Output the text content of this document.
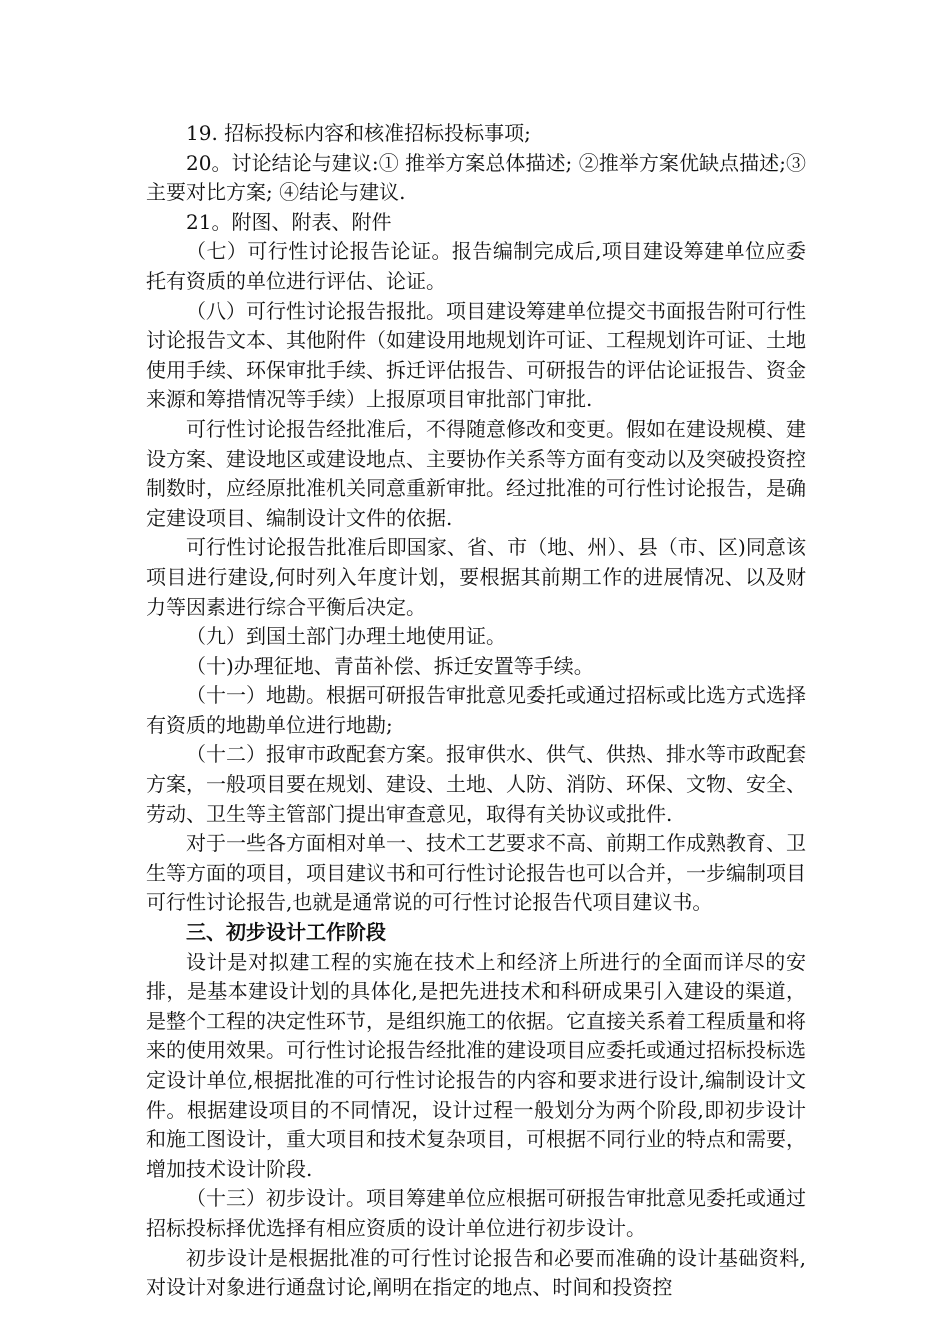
19. 招标投标内容和核准招标投标事项;

20。讨论结论与建议:① 推举方案总体描述; ②推举方案优缺点描述;③ 主要对比方案; ④结论与建议.

21。附图、附表、附件

（七）可行性讨论报告论证。报告编制完成后,项目建设筹建单位应委托有资质的单位进行评估、论证。

（八）可行性讨论报告报批。项目建设筹建单位提交书面报告附可行性讨论报告文本、其他附件（如建设用地规划许可证、工程规划许可证、土地使用手续、环保审批手续、拆迁评估报告、可研报告的评估论证报告、资金来源和筹措情况等手续）上报原项目审批部门审批.

可行性讨论报告经批准后，不得随意修改和变更。假如在建设规模、建设方案、建设地区或建设地点、主要协作关系等方面有变动以及突破投资控制数时，应经原批准机关同意重新审批。经过批准的可行性讨论报告，是确定建设项目、编制设计文件的依据.

可行性讨论报告批准后即国家、省、市（地、州）、县（市、区)同意该项目进行建设,何时列入年度计划，要根据其前期工作的进展情况、以及财力等因素进行综合平衡后决定。

（九）到国土部门办理土地使用证。

（十)办理征地、青苗补偿、拆迁安置等手续。

（十一）地勘。根据可研报告审批意见委托或通过招标或比选方式选择有资质的地勘单位进行地勘;

（十二）报审市政配套方案。报审供水、供气、供热、排水等市政配套方案，一般项目要在规划、建设、土地、人防、消防、环保、文物、安全、劳动、卫生等主管部门提出审查意见，取得有关协议或批件.

对于一些各方面相对单一、技术工艺要求不高、前期工作成熟教育、卫生等方面的项目，项目建议书和可行性讨论报告也可以合并，一步编制项目可行性讨论报告,也就是通常说的可行性讨论报告代项目建议书。

三、初步设计工作阶段

设计是对拟建工程的实施在技术上和经济上所进行的全面而详尽的安排，是基本建设计划的具体化,是把先进技术和科研成果引入建设的渠道，是整个工程的决定性环节，是组织施工的依据。它直接关系着工程质量和将来的使用效果。可行性讨论报告经批准的建设项目应委托或通过招标投标选定设计单位,根据批准的可行性讨论报告的内容和要求进行设计,编制设计文件。根据建设项目的不同情况，设计过程一般划分为两个阶段,即初步设计和施工图设计，重大项目和技术复杂项目，可根据不同行业的特点和需要，增加技术设计阶段.

（十三）初步设计。项目筹建单位应根据可研报告审批意见委托或通过招标投标择优选择有相应资质的设计单位进行初步设计。

初步设计是根据批准的可行性讨论报告和必要而准确的设计基础资料,对设计对象进行通盘讨论,阐明在指定的地点、时间和投资控
